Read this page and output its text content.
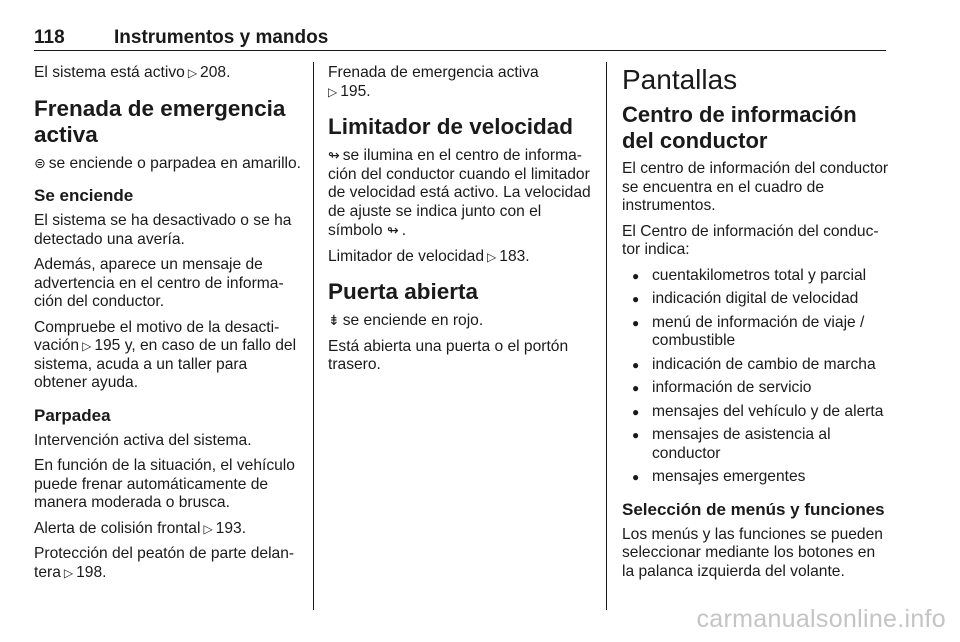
118	Instrumentos y mandos

El sistema está activo ▷ 208.

Frenada de emergencia activa

⊜ se enciende o parpadea en amarillo.

Se enciende

El sistema se ha desactivado o se ha detectado una avería.

Además, aparece un mensaje de advertencia en el centro de información del conductor.

Compruebe el motivo de la desactivación ▷ 195 y, en caso de un fallo del sistema, acuda a un taller para obtener ayuda.

Parpadea

Intervención activa del sistema.

En función de la situación, el vehículo puede frenar automáticamente de manera moderada o brusca.

Alerta de colisión frontal ▷ 193.

Protección del peatón de parte delantera ▷ 198.

Frenada de emergencia activa
▷ 195.

Limitador de velocidad

↬ se ilumina en el centro de información del conductor cuando el limitador de velocidad está activo. La velocidad de ajuste se indica junto con el símbolo ↬ .

Limitador de velocidad ▷ 183.

Puerta abierta

⇟ se enciende en rojo.

Está abierta una puerta o el portón trasero.

Pantallas
Centro de información del conductor

El centro de información del conductor se encuentra en el cuadro de instrumentos.

El Centro de información del conductor indica:

● cuentakilometros total y parcial
● indicación digital de velocidad
● menú de información de viaje / combustible
● indicación de cambio de marcha
● información de servicio
● mensajes del vehículo y de alerta
● mensajes de asistencia al conductor
● mensajes emergentes
Selección de menús y funciones

Los menús y las funciones se pueden seleccionar mediante los botones en la palanca izquierda del volante.

carmanualsonline.info
